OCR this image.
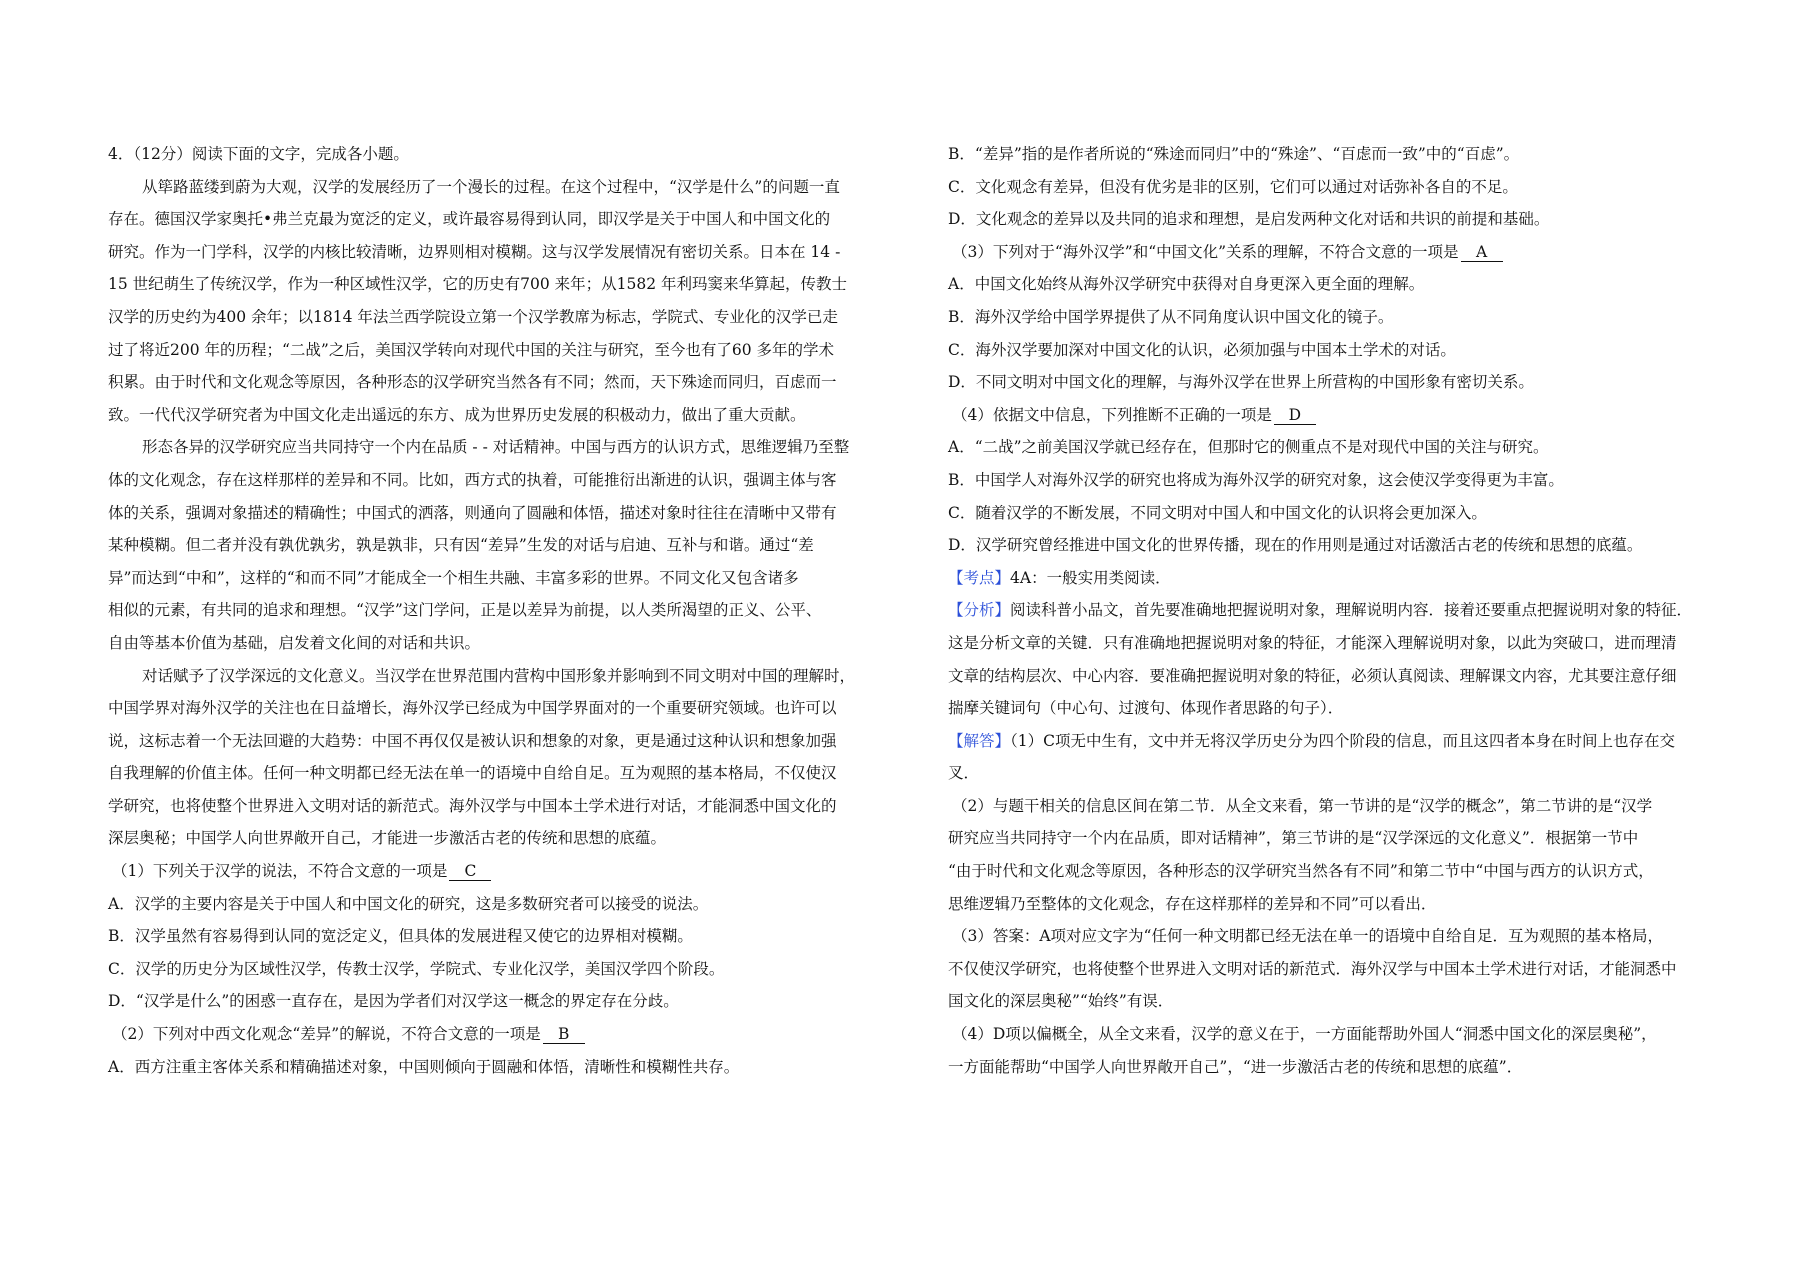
4．（12分）阅读下面的文字，完成各小题。
从筚路蓝缕到蔚为大观，汉学的发展经历了一个漫长的过程。在这个过程中，“汉学是什么”的问题一直
存在。德国汉学家奥托•弗兰克最为宽泛的定义，或许最容易得到认同，即汉学是关于中国人和中国文化的
研究。作为一门学科，汉学的内核比较清晰，边界则相对模糊。这与汉学发展情况有密切关系。日本在 14 -
15 世纪萌生了传统汉学，作为一种区域性汉学，它的历史有700 来年；从1582 年利玛窦来华算起，传教士
汉学的历史约为400 余年；以1814 年法兰西学院设立第一个汉学教席为标志，学院式、专业化的汉学已走
过了将近200 年的历程；“二战”之后，美国汉学转向对现代中国的关注与研究，至今也有了60 多年的学术
积累。由于时代和文化观念等原因，各种形态的汉学研究当然各有不同；然而，天下殊途而同归，百虑而一
致。一代代汉学研究者为中国文化走出遥远的东方、成为世界历史发展的积极动力，做出了重大贡献。
形态各异的汉学研究应当共同持守一个内在品质 - - 对话精神。中国与西方的认识方式，思维逻辑乃至整
体的文化观念，存在这样那样的差异和不同。比如，西方式的执着，可能推衍出渐进的认识，强调主体与客
体的关系，强调对象描述的精确性；中国式的洒落，则通向了圆融和体悟，描述对象时往往在清晰中又带有
某种模糊。但二者并没有孰优孰劣，孰是孰非，只有因“差异”生发的对话与启迪、互补与和谐。通过“差
异”而达到“中和”，这样的“和而不同”才能成全一个相生共融、丰富多彩的世界。不同文化又包含诸多
相似的元素，有共同的追求和理想。“汉学”这门学问，正是以差异为前提，以人类所渴望的正义、公平、
自由等基本价值为基础，启发着文化间的对话和共识。
对话赋予了汉学深远的文化意义。当汉学在世界范围内营构中国形象并影响到不同文明对中国的理解时，
中国学界对海外汉学的关注也在日益增长，海外汉学已经成为中国学界面对的一个重要研究领域。也许可以
说，这标志着一个无法回避的大趋势：中国不再仅仅是被认识和想象的对象，更是通过这种认识和想象加强
自我理解的价值主体。任何一种文明都已经无法在单一的语境中自给自足。互为观照的基本格局，不仅使汉
学研究，也将使整个世界进入文明对话的新范式。海外汉学与中国本土学术进行对话，才能洞悉中国文化的
深层奥秘；中国学人向世界敞开自己，才能进一步激活古老的传统和思想的底蕴。
（1）下列关于汉学的说法，不符合文意的一项是 C
A．汉学的主要内容是关于中国人和中国文化的研究，这是多数研究者可以接受的说法。
B．汉学虽然有容易得到认同的宽泛定义，但具体的发展进程又使它的边界相对模糊。
C．汉学的历史分为区域性汉学，传教士汉学，学院式、专业化汉学，美国汉学四个阶段。
D．“汉学是什么”的困惑一直存在，是因为学者们对汉学这一概念的界定存在分歧。
（2）下列对中西文化观念“差异”的解说，不符合文意的一项是 B
A．西方注重主客体关系和精确描述对象，中国则倾向于圆融和体悟，清晰性和模糊性共存。
B．“差异”指的是作者所说的“殊途而同归”中的“殊途”、“百虑而一致”中的“百虑”。
C．文化观念有差异，但没有优劣是非的区别，它们可以通过对话弥补各自的不足。
D．文化观念的差异以及共同的追求和理想，是启发两种文化对话和共识的前提和基础。
（3）下列对于“海外汉学”和“中国文化”关系的理解，不符合文意的一项是 A
A．中国文化始终从海外汉学研究中获得对自身更深入更全面的理解。
B．海外汉学给中国学界提供了从不同角度认识中国文化的镜子。
C．海外汉学要加深对中国文化的认识，必须加强与中国本土学术的对话。
D．不同文明对中国文化的理解，与海外汉学在世界上所营构的中国形象有密切关系。
（4）依据文中信息，下列推断不正确的一项是 D
A．“二战”之前美国汉学就已经存在，但那时它的侧重点不是对现代中国的关注与研究。
B．中国学人对海外汉学的研究也将成为海外汉学的研究对象，这会使汉学变得更为丰富。
C．随着汉学的不断发展，不同文明对中国人和中国文化的认识将会更加深入。
D．汉学研究曾经推进中国文化的世界传播，现在的作用则是通过对话激活古老的传统和思想的底蕴。
【考点】4A：一般实用类阅读．
【分析】阅读科普小品文，首先要准确地把握说明对象，理解说明内容．接着还要重点把握说明对象的特征．
这是分析文章的关键．只有准确地把握说明对象的特征，才能深入理解说明对象，以此为突破口，进而理清
文章的结构层次、中心内容．要准确把握说明对象的特征，必须认真阅读、理解课文内容，尤其要注意仔细
揣摩关键词句（中心句、过渡句、体现作者思路的句子）．
【解答】（1）C项无中生有，文中并无将汉学历史分为四个阶段的信息，而且这四者本身在时间上也存在交
叉．
（2）与题干相关的信息区间在第二节．从全文来看，第一节讲的是“汉学的概念”，第二节讲的是“汉学
研究应当共同持守一个内在品质，即对话精神”，第三节讲的是“汉学深远的文化意义”．根据第一节中
“由于时代和文化观念等原因，各种形态的汉学研究当然各有不同”和第二节中“中国与西方的认识方式，
思维逻辑乃至整体的文化观念，存在这样那样的差异和不同”可以看出．
（3）答案：A项对应文字为“任何一种文明都已经无法在单一的语境中自给自足．互为观照的基本格局，
不仅使汉学研究，也将使整个世界进入文明对话的新范式．海外汉学与中国本土学术进行对话，才能洞悉中
国文化的深层奥秘”“始终”有误．
（4）D项以偏概全，从全文来看，汉学的意义在于，一方面能帮助外国人“洞悉中国文化的深层奥秘”，
一方面能帮助“中国学人向世界敞开自己”，“进一步激活古老的传统和思想的底蕴”．
